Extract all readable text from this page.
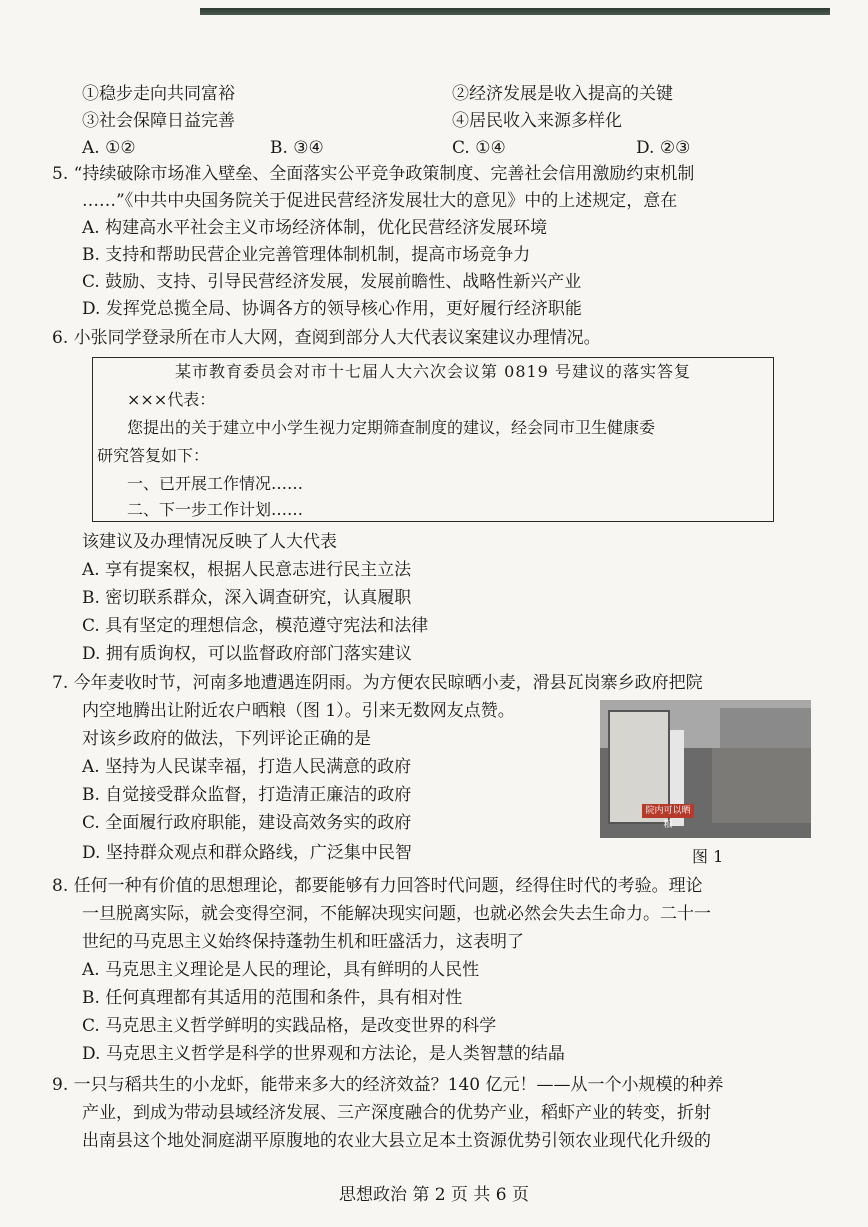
①稳步走向共同富裕	②经济发展是收入提高的关键
③社会保障日益完善	④居民收入来源多样化
A. ①②	B. ③④	C. ①④	D. ②③
5. “持续破除市场准入壁垒、全面落实公平竞争政策制度、完善社会信用激励约束机制
……”《中共中央国务院关于促进民营经济发展壮大的意见》中的上述规定，意在
A. 构建高水平社会主义市场经济体制，优化民营经济发展环境
B. 支持和帮助民营企业完善管理体制机制，提高市场竞争力
C. 鼓励、支持、引导民营经济发展，发展前瞻性、战略性新兴产业
D. 发挥党总揽全局、协调各方的领导核心作用，更好履行经济职能
6. 小张同学登录所在市人大网，查阅到部分人大代表议案建议办理情况。
某市教育委员会对市十七届人大六次会议第 0819 号建议的落实答复
×××代表：
您提出的关于建立中小学生视力定期筛查制度的建议，经会同市卫生健康委
研究答复如下：
一、已开展工作情况……
二、下一步工作计划……
该建议及办理情况反映了人大代表
A. 享有提案权，根据人民意志进行民主立法
B. 密切联系群众，深入调查研究，认真履职
C. 具有坚定的理想信念，模范遵守宪法和法律
D. 拥有质询权，可以监督政府部门落实建议
7. 今年麦收时节，河南多地遭遇连阴雨。为方便农民晾晒小麦，滑县瓦岗寨乡政府把院
内空地腾出让附近农户晒粮（图 1）。引来无数网友点赞。
对该乡政府的做法，下列评论正确的是
A. 坚持为人民谋幸福，打造人民满意的政府
B. 自觉接受群众监督，打造清正廉洁的政府
C. 全面履行政府职能，建设高效务实的政府
D. 坚持群众观点和群众路线，广泛集中民智
院内可以晒粮
图 1
8. 任何一种有价值的思想理论，都要能够有力回答时代问题，经得住时代的考验。理论
一旦脱离实际，就会变得空洞，不能解决现实问题，也就必然会失去生命力。二十一
世纪的马克思主义始终保持蓬勃生机和旺盛活力，这表明了
A. 马克思主义理论是人民的理论，具有鲜明的人民性
B. 任何真理都有其适用的范围和条件，具有相对性
C. 马克思主义哲学鲜明的实践品格，是改变世界的科学
D. 马克思主义哲学是科学的世界观和方法论，是人类智慧的结晶
9. 一只与稻共生的小龙虾，能带来多大的经济效益？140 亿元！——从一个小规模的种养
产业，到成为带动县域经济发展、三产深度融合的优势产业，稻虾产业的转变，折射
出南县这个地处洞庭湖平原腹地的农业大县立足本土资源优势引领农业现代化升级的
思想政治 第 2 页 共 6 页
